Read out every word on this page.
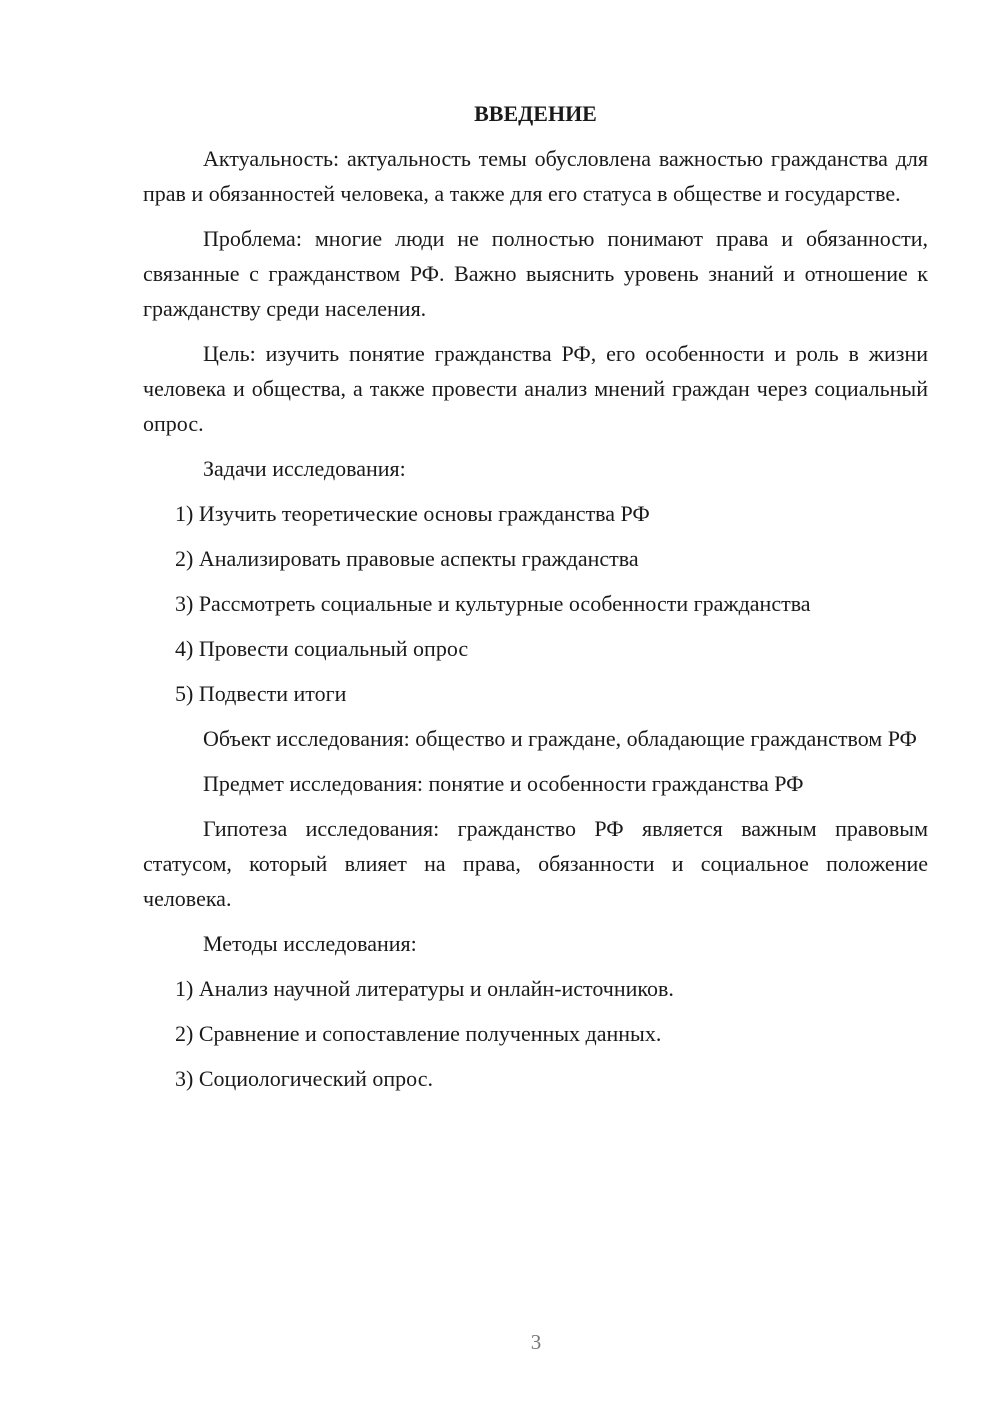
ВВЕДЕНИЕ
Актуальность: актуальность темы обусловлена важностью гражданства для прав и обязанностей человека, а также для его статуса в обществе и государстве.
Проблема: многие люди не полностью понимают права и обязанности, связанные с гражданством РФ. Важно выяснить уровень знаний и отношение к гражданству среди населения.
Цель: изучить понятие гражданства РФ, его особенности и роль в жизни человека и общества, а также провести анализ мнений граждан через социальный опрос.
Задачи исследования:
1) Изучить теоретические основы гражданства РФ
2) Анализировать правовые аспекты гражданства
3) Рассмотреть социальные и культурные особенности гражданства
4) Провести социальный опрос
5) Подвести итоги
Объект исследования: общество и граждане, обладающие гражданством РФ
Предмет исследования: понятие и особенности гражданства РФ
Гипотеза исследования: гражданство РФ является важным правовым статусом, который влияет на права, обязанности и социальное положение человека.
Методы исследования:
1) Анализ научной литературы и онлайн-источников.
2) Сравнение и сопоставление полученных данных.
3) Социологический опрос.
3
